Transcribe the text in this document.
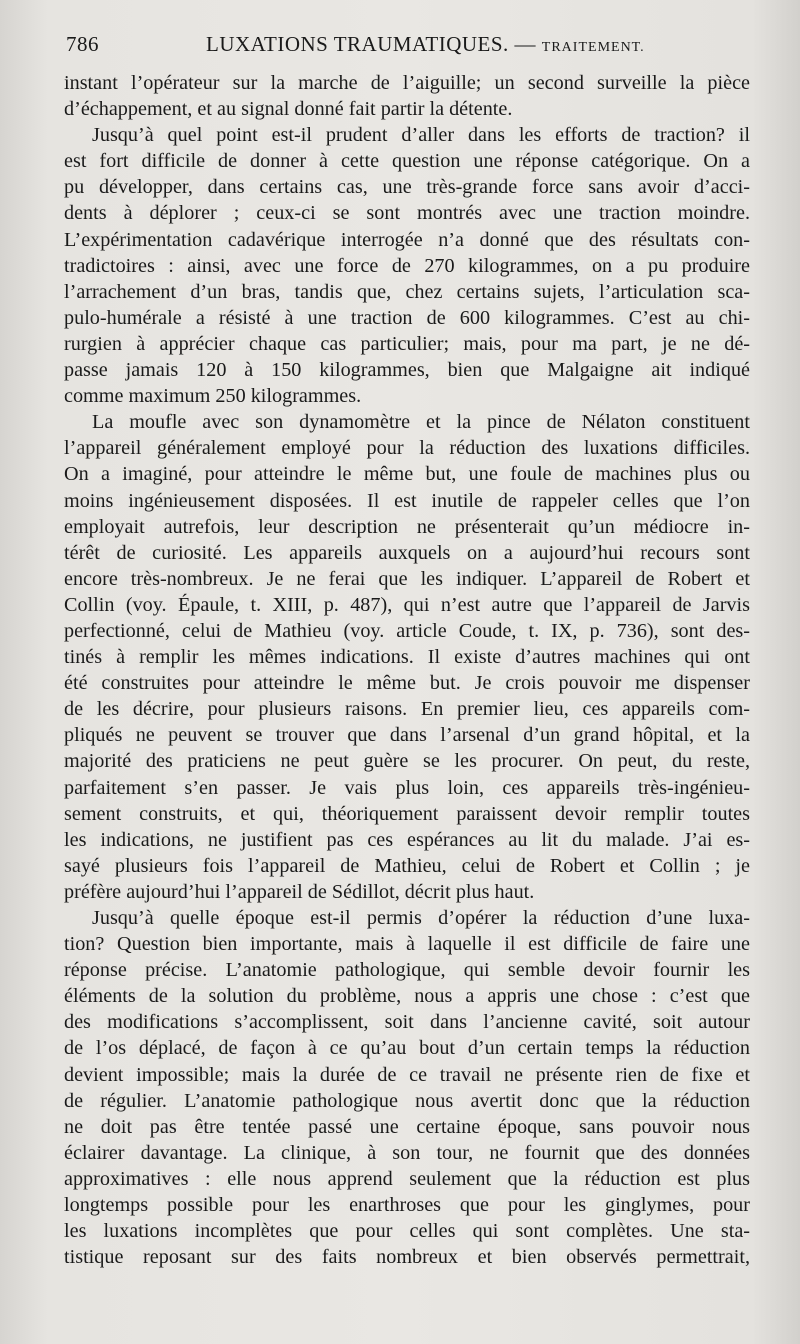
786	LUXATIONS TRAUMATIQUES. — TRAITEMENT.
instant l’opérateur sur la marche de l’aiguille; un second surveille la pièce
d’échappement, et au signal donné fait partir la détente.
Jusqu’à quel point est-il prudent d’aller dans les efforts de traction? il
est fort difficile de donner à cette question une réponse catégorique. On a
pu développer, dans certains cas, une très-grande force sans avoir d’acci-
dents à déplorer ; ceux-ci se sont montrés avec une traction moindre.
L’expérimentation cadavérique interrogée n’a donné que des résultats con-
tradictoires : ainsi, avec une force de 270 kilogrammes, on a pu produire
l’arrachement d’un bras, tandis que, chez certains sujets, l’articulation sca-
pulo-humérale a résisté à une traction de 600 kilogrammes. C’est au chi-
rurgien à apprécier chaque cas particulier; mais, pour ma part, je ne dé-
passe jamais 120 à 150 kilogrammes, bien que Malgaigne ait indiqué
comme maximum 250 kilogrammes.
La moufle avec son dynamomètre et la pince de Nélaton constituent
l’appareil généralement employé pour la réduction des luxations difficiles.
On a imaginé, pour atteindre le même but, une foule de machines plus ou
moins ingénieusement disposées. Il est inutile de rappeler celles que l’on
employait autrefois, leur description ne présenterait qu’un médiocre in-
térêt de curiosité. Les appareils auxquels on a aujourd’hui recours sont
encore très-nombreux. Je ne ferai que les indiquer. L’appareil de Robert et
Collin (voy. Épaule, t. XIII, p. 487), qui n’est autre que l’appareil de Jarvis
perfectionné, celui de Mathieu (voy. article Coude, t. IX, p. 736), sont des-
tinés à remplir les mêmes indications. Il existe d’autres machines qui ont
été construites pour atteindre le même but. Je crois pouvoir me dispenser
de les décrire, pour plusieurs raisons. En premier lieu, ces appareils com-
pliqués ne peuvent se trouver que dans l’arsenal d’un grand hôpital, et la
majorité des praticiens ne peut guère se les procurer. On peut, du reste,
parfaitement s’en passer. Je vais plus loin, ces appareils très-ingénieu-
sement construits, et qui, théoriquement paraissent devoir remplir toutes
les indications, ne justifient pas ces espérances au lit du malade. J’ai es-
sayé plusieurs fois l’appareil de Mathieu, celui de Robert et Collin ; je
préfère aujourd’hui l’appareil de Sédillot, décrit plus haut.
Jusqu’à quelle époque est-il permis d’opérer la réduction d’une luxa-
tion? Question bien importante, mais à laquelle il est difficile de faire une
réponse précise. L’anatomie pathologique, qui semble devoir fournir les
éléments de la solution du problème, nous a appris une chose : c’est que
des modifications s’accomplissent, soit dans l’ancienne cavité, soit autour
de l’os déplacé, de façon à ce qu’au bout d’un certain temps la réduction
devient impossible; mais la durée de ce travail ne présente rien de fixe et
de régulier. L’anatomie pathologique nous avertit donc que la réduction
ne doit pas être tentée passé une certaine époque, sans pouvoir nous
éclairer davantage. La clinique, à son tour, ne fournit que des données
approximatives : elle nous apprend seulement que la réduction est plus
longtemps possible pour les enarthroses que pour les ginglymes, pour
les luxations incomplètes que pour celles qui sont complètes. Une sta-
tistique reposant sur des faits nombreux et bien observés permettrait,
